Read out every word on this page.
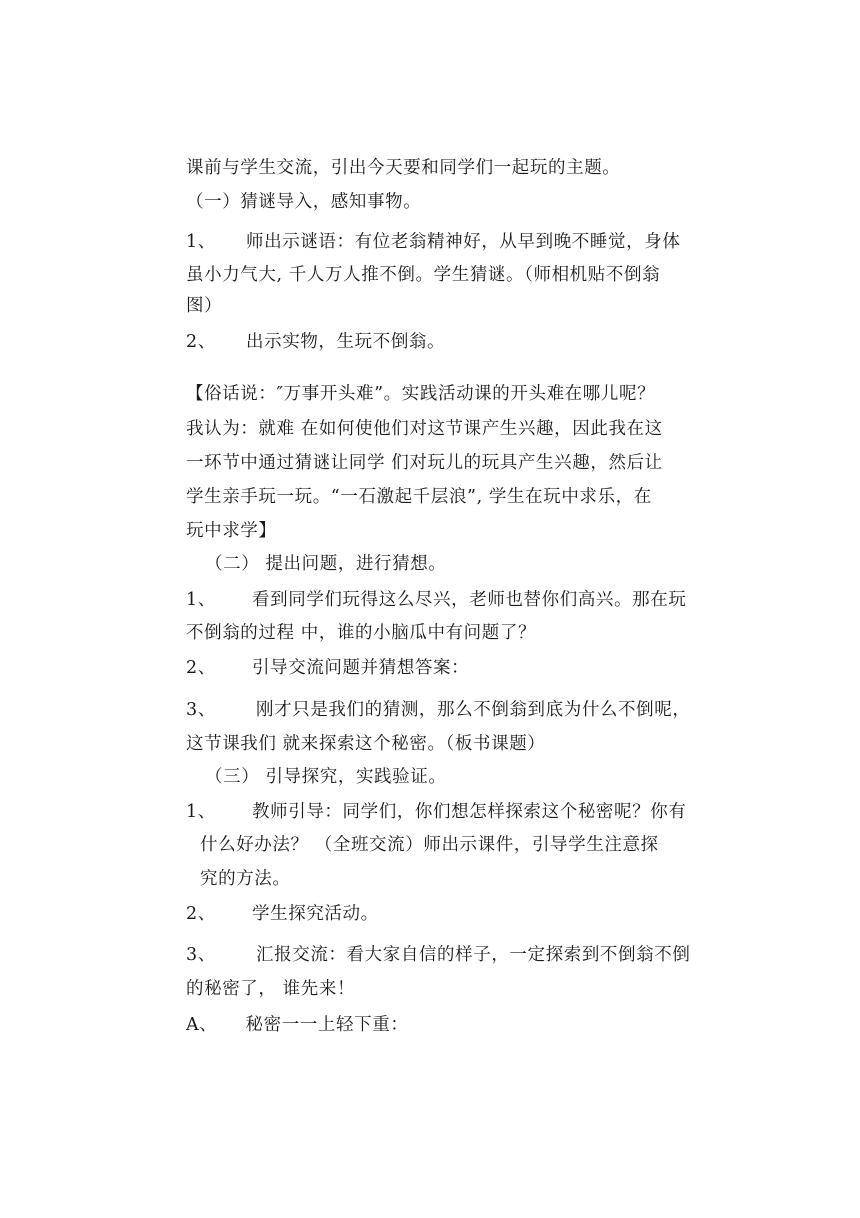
课前与学生交流，引出今天要和同学们一起玩的主题。
（一）猜谜导入，感知事物。
1、 师出示谜语：有位老翁精神好，从早到晚不睡觉，身体
虽小力气大, 千人万人推不倒。学生猜谜。（师相机贴不倒翁
图）
2、 出示实物，生玩不倒翁。
【俗话说：″万事开头难”。实践活动课的开头难在哪儿呢？
我认为：就难 在如何使他们对这节课产生兴趣，因此我在这
一环节中通过猜谜让同学 们对玩儿的玩具产生兴趣，然后让
学生亲手玩一玩。“一石激起千层浪”, 学生在玩中求乐，在
玩中求学】
（二） 提出问题，进行猜想。
1、 看到同学们玩得这么尽兴，老师也替你们高兴。那在玩
不倒翁的过程 中，谁的小脑瓜中有问题了？
2、 引导交流问题并猜想答案：
3、 刚才只是我们的猜测，那么不倒翁到底为什么不倒呢，
这节课我们 就来探索这个秘密。（板书课题）
（三） 引导探究，实践验证。
1、 教师引导：同学们，你们想怎样探索这个秘密呢？你有
什么好办法？ （全班交流）师出示课件，引导学生注意探
究的方法。
2、 学生探究活动。
3、 汇报交流：看大家自信的样子，一定探索到不倒翁不倒
的秘密了， 谁先来！
A、 秘密一一上轻下重：
